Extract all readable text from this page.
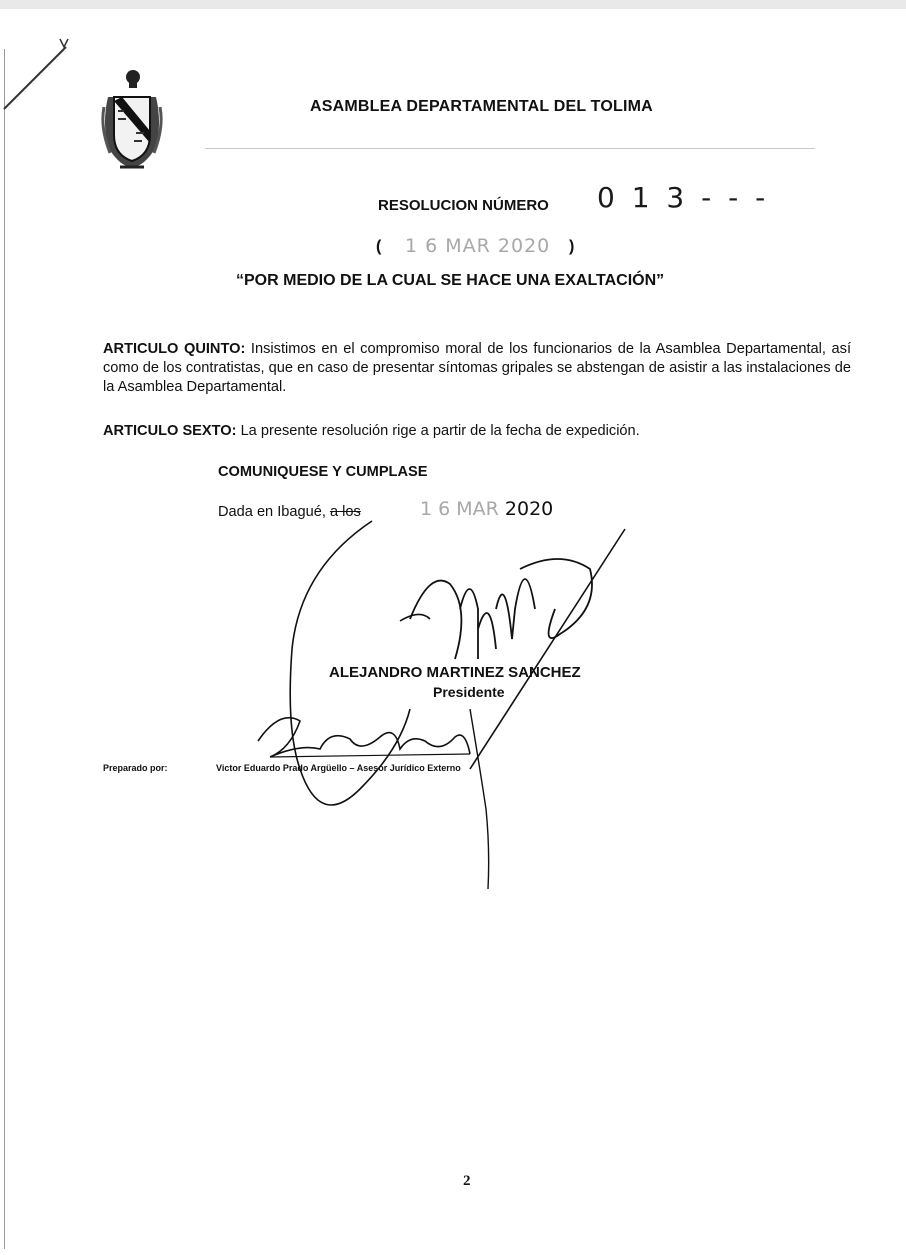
ASAMBLEA DEPARTAMENTAL DEL TOLIMA
RESOLUCION NÚMERO 0 1 3 - - -
( 1 6 MAR 2020 )
“POR MEDIO DE LA CUAL SE HACE UNA EXALTACIÓN”
ARTICULO QUINTO: Insistimos en el compromiso moral de los funcionarios de la Asamblea Departamental, así como de los contratistas, que en caso de presentar síntomas gripales se abstengan de asistir a las instalaciones de la Asamblea Departamental.
ARTICULO SEXTO: La presente resolución rige a partir de la fecha de expedición.
COMUNIQUESE Y CUMPLASE
Dada en Ibagué, a los	1 6 MAR 2020
ALEJANDRO MARTINEZ SANCHEZ
Presidente
Preparado por:	Victor Eduardo Prado Argüello – Asesor Jurídico Externo
2
